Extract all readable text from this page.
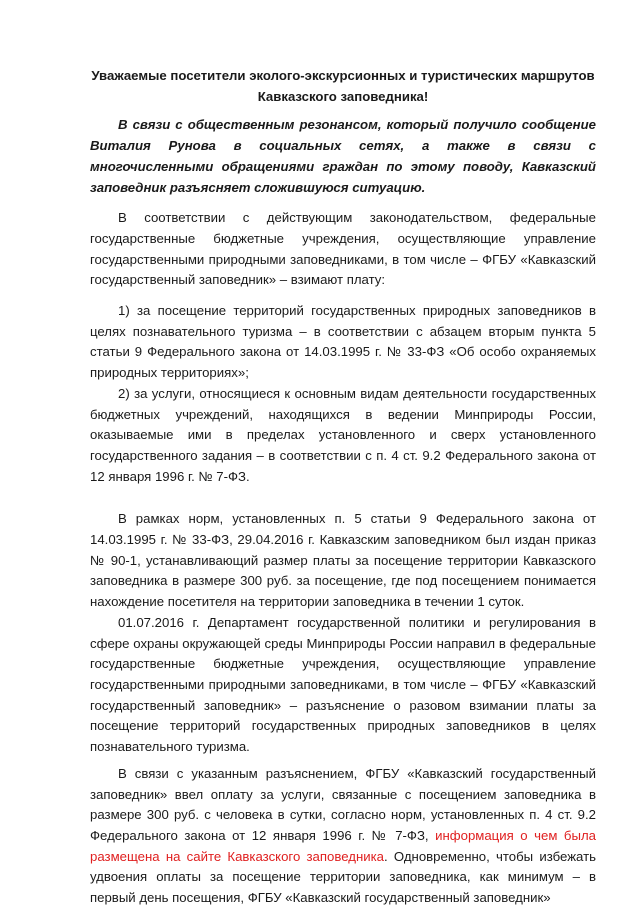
Уважаемые посетители эколого-экскурсионных и туристических маршрутов
Кавказского заповедника!

В связи с общественным резонансом, который получило сообщение Виталия Рунова в социальных сетях, а также в связи с многочисленными обращениями граждан по этому поводу, Кавказский заповедник разъясняет сложившуюся ситуацию.

В соответствии с действующим законодательством, федеральные государственные бюджетные учреждения, осуществляющие управление государственными природными заповедниками, в том числе – ФГБУ «Кавказский государственный заповедник» – взимают плату:

1) за посещение территорий государственных природных заповедников в целях познавательного туризма – в соответствии с абзацем вторым пункта 5 статьи 9 Федерального закона от 14.03.1995 г. № 33-ФЗ «Об особо охраняемых природных территориях»;

2) за услуги, относящиеся к основным видам деятельности государственных бюджетных учреждений, находящихся в ведении Минприроды России, оказываемые ими в пределах установленного и сверх установленного государственного задания – в соответствии с п. 4 ст. 9.2 Федерального закона от 12 января 1996 г. № 7-ФЗ.

В рамках норм, установленных п. 5 статьи 9 Федерального закона от 14.03.1995 г. № 33-ФЗ, 29.04.2016 г. Кавказским заповедником был издан приказ № 90-1, устанавливающий размер платы за посещение территории Кавказского заповедника в размере 300 руб. за посещение, где под посещением понимается нахождение посетителя на территории заповедника в течении 1 суток.

01.07.2016 г. Департамент государственной политики и регулирования в сфере охраны окружающей среды Минприроды России направил в федеральные государственные бюджетные учреждения, осуществляющие управление государственными природными заповедниками, в том числе – ФГБУ «Кавказский государственный заповедник» – разъяснение о разовом взимании платы за посещение территорий государственных природных заповедников в целях познавательного туризма.

В связи с указанным разъяснением, ФГБУ «Кавказский государственный заповедник» ввел оплату за услуги, связанные с посещением заповедника в размере 300 руб. с человека в сутки, согласно норм, установленных п. 4 ст. 9.2 Федерального закона от 12 января 1996 г. № 7-ФЗ, информация о чем была размещена на сайте Кавказского заповедника. Одновременно, чтобы избежать удвоения оплаты за посещение территории заповедника, как минимум – в первый день посещения, ФГБУ «Кавказский государственный заповедник»
